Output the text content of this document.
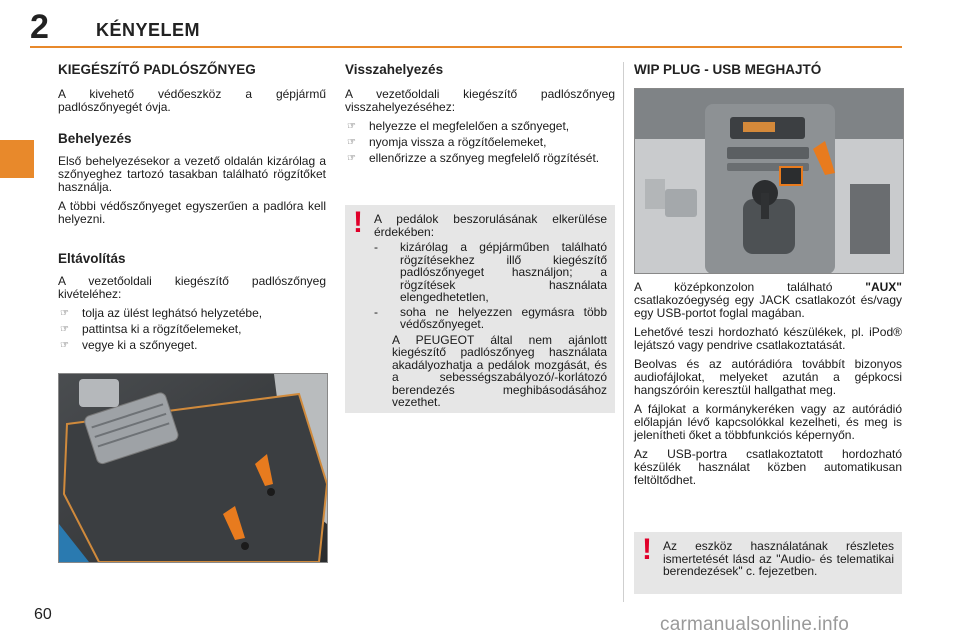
2	KÉNYELEM
KIEGÉSZÍTŐ PADLÓSZŐNYEG

A kivehető védőeszköz a gépjármű padlószőnyegét óvja.

Behelyezés

Első behelyezésekor a vezető oldalán kizárólag a szőnyeghez tartozó tasakban található rögzítőket használja.

A többi védőszőnyeget egyszerűen a padlóra kell helyezni.

Eltávolítás

A vezetőoldali kiegészítő padlószőnyeg kivételéhez:

☞ tolja az ülést leghátsó helyzetébe,
☞ pattintsa ki a rögzítőelemeket,
☞ vegye ki a szőnyeget.
Visszahelyezés

A vezetőoldali kiegészítő padlószőnyeg visszahelyezéséhez:

☞ helyezze el megfelelően a szőnyeget,
☞ nyomja vissza a rögzítőelemeket,
☞ ellenőrizze a szőnyeg megfelelő rögzítését.
! A pedálok beszorulásának elkerülése érdekében:

- kizárólag a gépjárműben található rögzítésekhez illő kiegészítő padlószőnyeget használjon; a rögzítések használata elengedhetetlen,
- soha ne helyezzen egymásra több védőszőnyeget.

A PEUGEOT által nem ajánlott kiegészítő padlószőnyeg használata akadályozhatja a pedálok mozgását, és a sebességszabályozó/-korlátozó berendezés meghibásodásához vezethet.

WIP PLUG - USB MEGHAJTÓ

A középkonzolon található "AUX" csatlakozóegység egy JACK csatlakozót és/vagy egy USB-portot foglal magában.

Lehetővé teszi hordozható készülékek, pl. iPod® lejátszó vagy pendrive csatlakoztatását.

Beolvas és az autórádióra továbbít bizonyos audiofájlokat, melyeket azután a gépkocsi hangszóróin keresztül hallgathat meg.

A fájlokat a kormánykeréken vagy az autórádió előlapján lévő kapcsolókkal kezelheti, és meg is jelenítheti őket a többfunkciós képernyőn.

Az USB-portra csatlakoztatott hordozható készülék használat közben automatikusan feltöltődhet.

! Az eszköz használatának részletes ismertetését lásd az "Audio- és telematikai berendezések" c. fejezetben.

60	carmanualsonline.info
